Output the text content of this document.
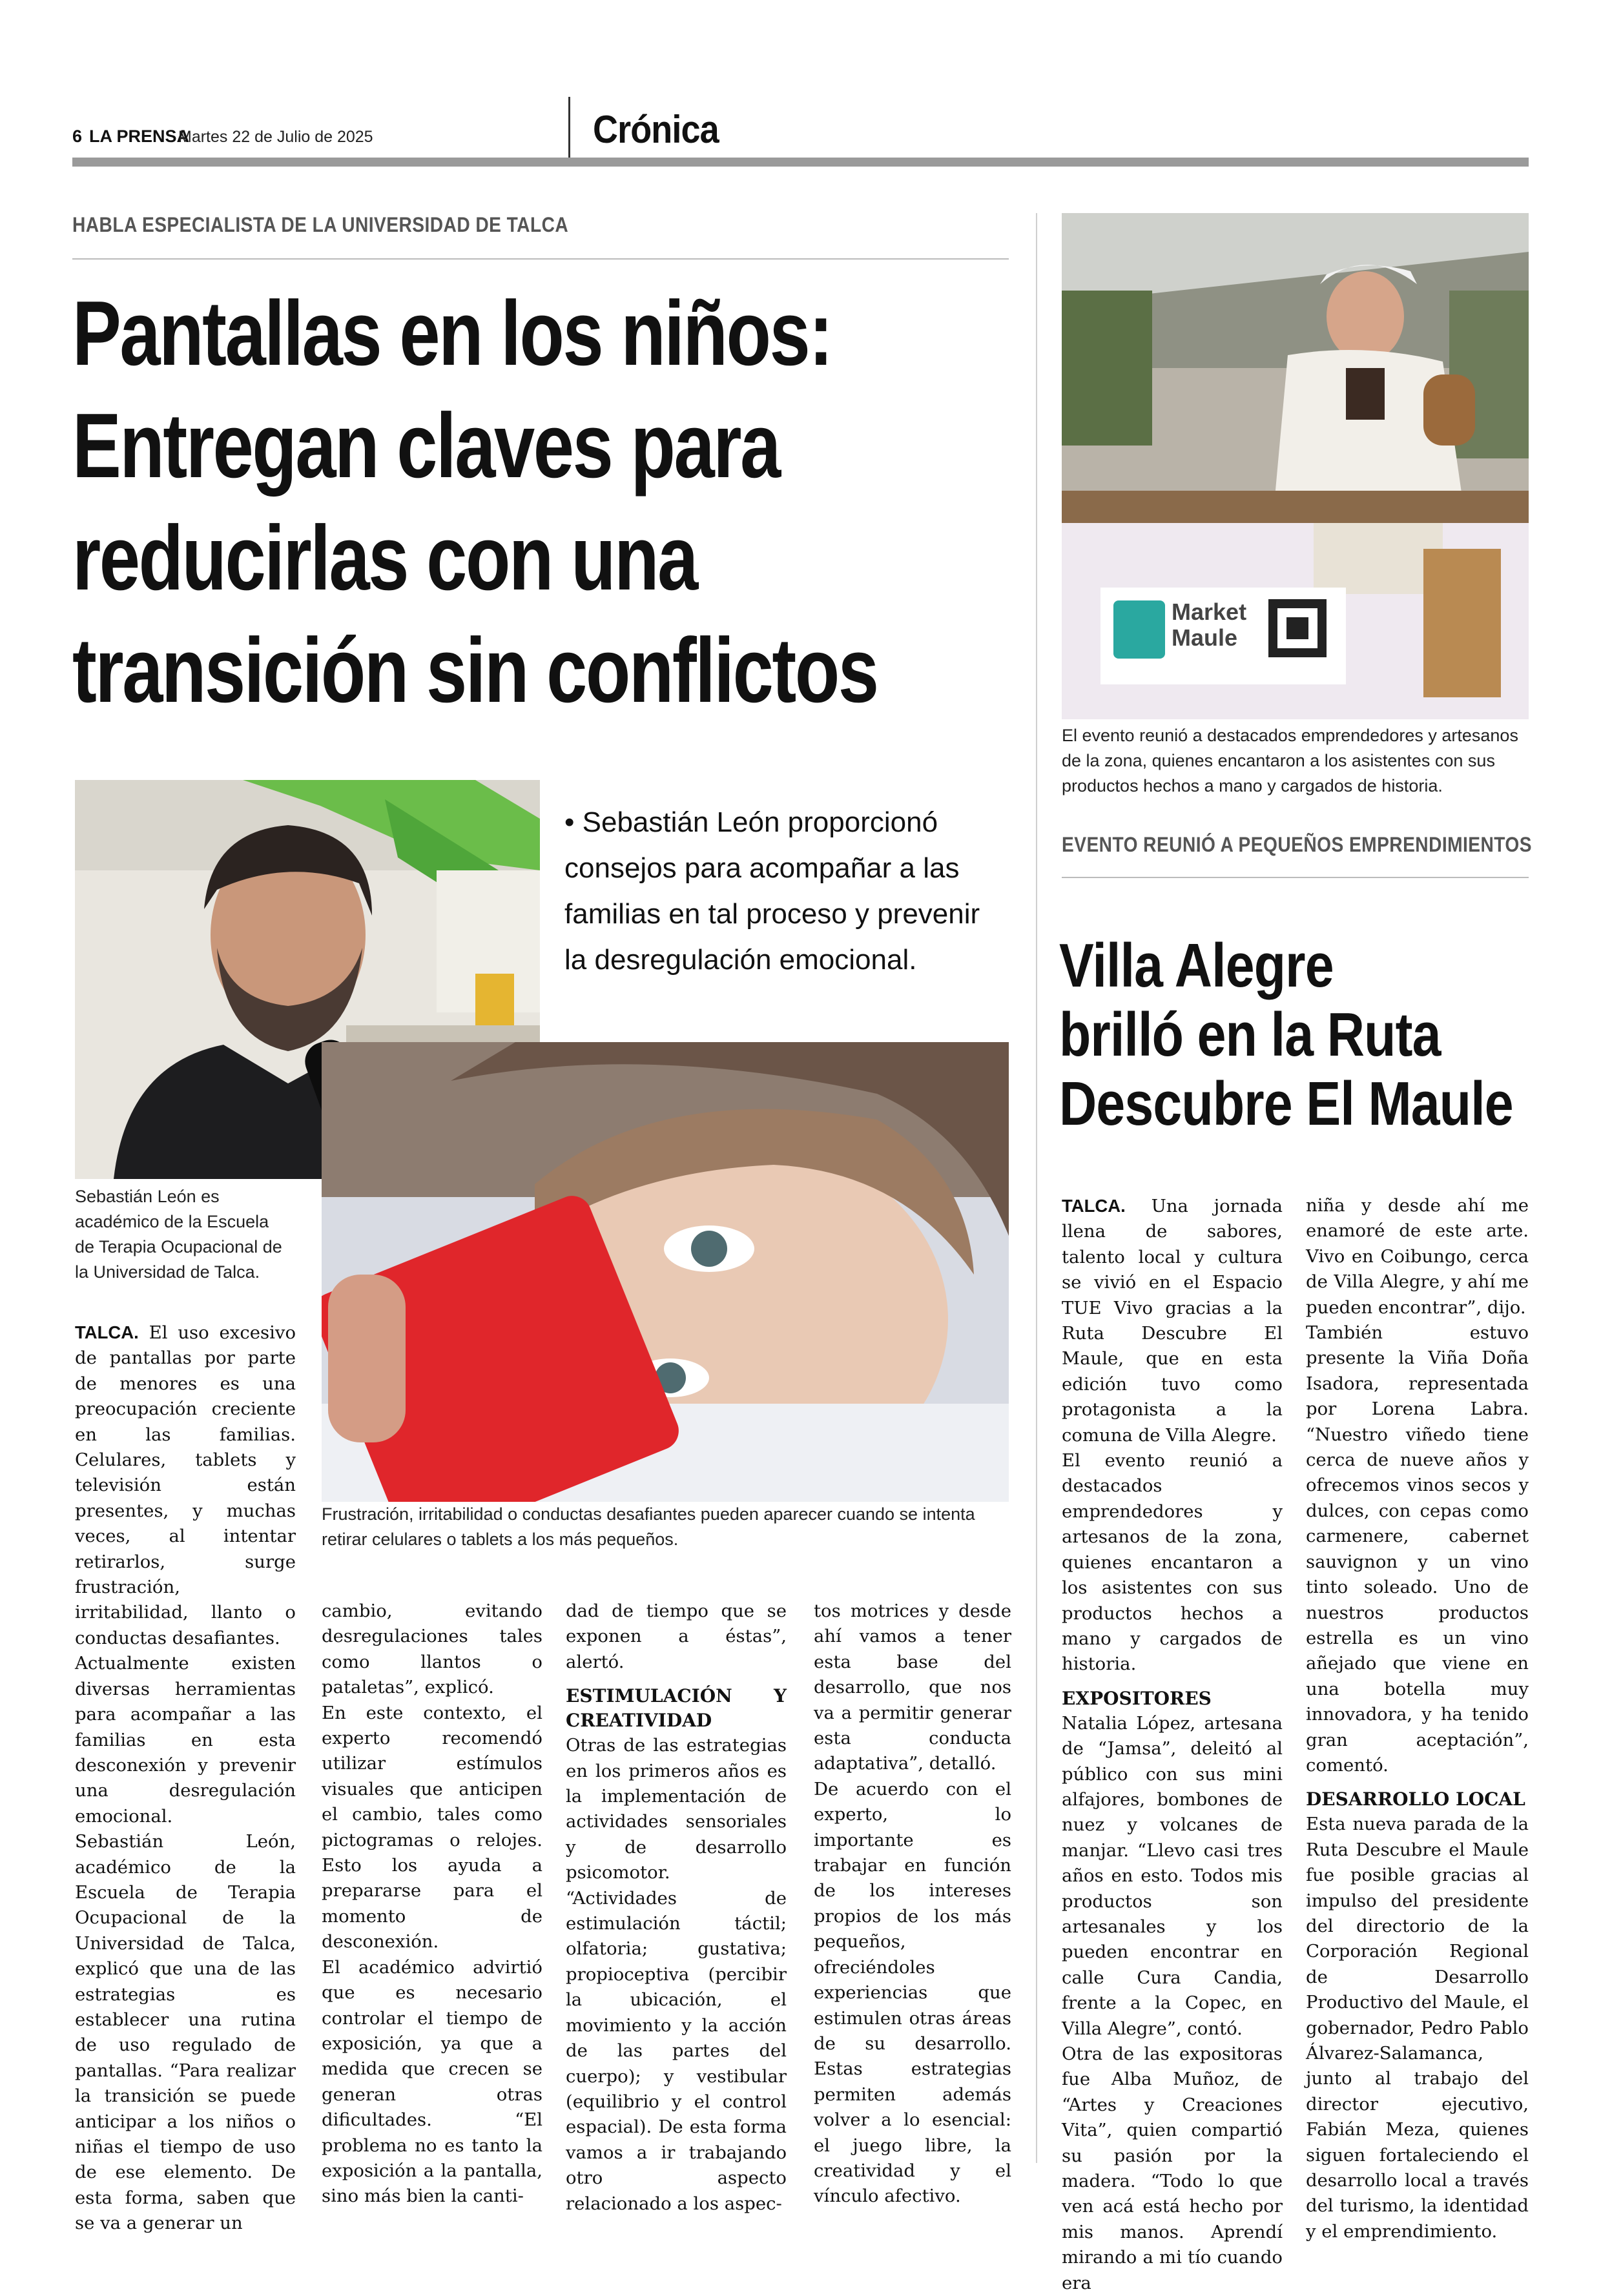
6 LA PRENSA
Martes 22 de Julio de 2025	Crónica
HABLA ESPECIALISTA DE LA UNIVERSIDAD DE TALCA
Pantallas en los niños:
Entregan claves para
reducirlas con una
transición sin conflictos
Sebastián León es académico de la Escuela de Terapia Ocupacional de la Universidad de Talca.
• Sebastián León proporcionó consejos para acompañar a las familias en tal proceso y prevenir la desregulación emocional.
Frustración, irritabilidad o conductas desafiantes pueden aparecer cuando se intenta retirar celulares o tablets a los más pequeños.

TALCA. El uso excesivo de pantallas por parte de menores es una preocupación creciente en las familias. Celulares, tablets y televisión están presentes, y muchas veces, al intentar retirarlos, surge frustración, irritabilidad, llanto o conductas desafiantes.

Actualmente existen diversas herramientas para acompañar a las familias en esta desconexión y prevenir una desregulación emocional.

Sebastián León, académico de la Escuela de Terapia Ocupacional de la Universidad de Talca, explicó que una de las estrategias es establecer una rutina de uso regulado de pantallas. “Para realizar la transición se puede anticipar a los niños o niñas el tiempo de uso de ese elemento. De esta forma, saben que se va a generar un

cambio, evitando desregulaciones tales como llantos o pataletas”, explicó.

En este contexto, el experto recomendó utilizar estímulos visuales que anticipen el cambio, tales como pictogramas o relojes. Esto los ayuda a prepararse para el momento de desconexión.

El académico advirtió que es necesario controlar el tiempo de exposición, ya que a medida que crecen se generan otras dificultades. “El problema no es tanto la exposición a la pantalla, sino más bien la canti-

dad de tiempo que se exponen a éstas”, alertó.

ESTIMULACIÓN Y CREATIVIDAD

Otras de las estrategias en los primeros años es la implementación de actividades sensoriales y de desarrollo psicomotor. “Actividades de estimulación táctil; olfatoria; gustativa; propioceptiva (percibir la ubicación, el movimiento y la acción de las partes del cuerpo); y vestibular (equilibrio y el control espacial). De esta forma vamos a ir trabajando otro aspecto relacionado a los aspec-

tos motrices y desde ahí vamos a tener esta base del desarrollo, que nos va a permitir generar esta conducta adaptativa”, detalló.

De acuerdo con el experto, lo importante es trabajar en función de los intereses propios de los más pequeños, ofreciéndoles experiencias que estimulen otras áreas de su desarrollo. Estas estrategias permiten además volver a lo esencial: el juego libre, la creatividad y el vínculo afectivo.

Market
Maule
El evento reunió a destacados emprendedores y artesanos de la zona, quienes encantaron a los asistentes con sus productos hechos a mano y cargados de historia.
EVENTO REUNIÓ A PEQUEÑOS EMPRENDIMIENTOS
Villa Alegre
brilló en la Ruta
Descubre El Maule

TALCA. Una jornada llena de sabores, talento local y cultura se vivió en el Espacio TUE Vivo gracias a la Ruta Descubre El Maule, que en esta edición tuvo como protagonista a la comuna de Villa Alegre.

El evento reunió a destacados emprendedores y artesanos de la zona, quienes encantaron a los asistentes con sus productos hechos a mano y cargados de historia.

EXPOSITORES

Natalia López, artesana de “Jamsa”, deleitó al público con sus mini alfajores, bombones de nuez y volcanes de manjar. “Llevo casi tres años en esto. Todos mis productos son artesanales y los pueden encontrar en calle Cura Candia, frente a la Copec, en Villa Alegre”, contó.

Otra de las expositoras fue Alba Muñoz, de “Artes y Creaciones Vita”, quien compartió su pasión por la madera. “Todo lo que ven acá está hecho por mis manos. Aprendí mirando a mi tío cuando era

niña y desde ahí me enamoré de este arte. Vivo en Coibungo, cerca de Villa Alegre, y ahí me pueden encontrar”, dijo.

También estuvo presente la Viña Doña Isadora, representada por Lorena Labra. “Nuestro viñedo tiene cerca de nueve años y ofrecemos vinos secos y dulces, con cepas como carmenere, cabernet sauvignon y un vino tinto soleado. Uno de nuestros productos estrella es un vino añejado que viene en una botella muy innovadora, y ha tenido gran aceptación”, comentó.

DESARROLLO LOCAL

Esta nueva parada de la Ruta Descubre el Maule fue posible gracias al impulso del presidente del directorio de la Corporación Regional de Desarrollo Productivo del Maule, el gobernador, Pedro Pablo Álvarez-Salamanca, junto al trabajo del director ejecutivo, Fabián Meza, quienes siguen fortaleciendo el desarrollo local a través del turismo, la identidad y el emprendimiento.
